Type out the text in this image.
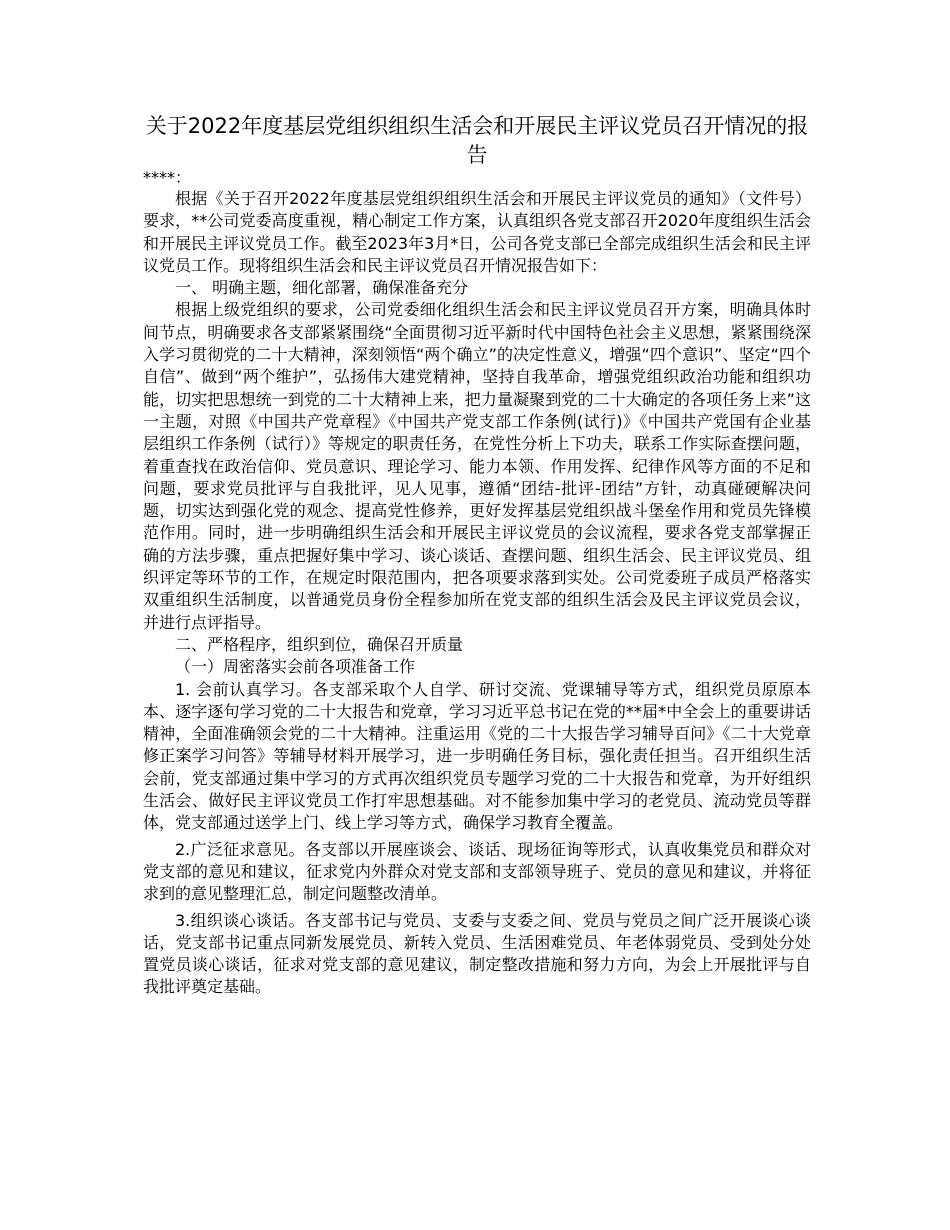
关于2022年度基层党组织组织生活会和开展民主评议党员召开情况的报告

****：

根据《关于召开2022年度基层党组织组织生活会和开展民主评议党员的通知》（文件号）要求，**公司党委高度重视，精心制定工作方案，认真组织各党支部召开2020年度组织生活会和开展民主评议党员工作。截至2023年3月*日，公司各党支部已全部完成组织生活会和民主评议党员工作。现将组织生活会和民主评议党员召开情况报告如下：

一、 明确主题，细化部署，确保准备充分

根据上级党组织的要求，公司党委细化组织生活会和民主评议党员召开方案，明确具体时间节点，明确要求各支部紧紧围绕“全面贯彻习近平新时代中国特色社会主义思想，紧紧围绕深入学习贯彻党的二十大精神，深刻领悟“两个确立”的决定性意义，增强“四个意识”、坚定“四个自信”、做到“两个维护”，弘扬伟大建党精神，坚持自我革命，增强党组织政治功能和组织功能，切实把思想统一到党的二十大精神上来，把力量凝聚到党的二十大确定的各项任务上来”这一主题，对照《中国共产党章程》《中国共产党支部工作条例(试行)》《中国共产党国有企业基层组织工作条例（试行）》等规定的职责任务，在党性分析上下功夫，联系工作实际查摆问题，着重查找在政治信仰、党员意识、理论学习、能力本领、作用发挥、纪律作风等方面的不足和问题，要求党员批评与自我批评，见人见事，遵循“团结-批评-团结”方针，动真碰硬解决问题，切实达到强化党的观念、提高党性修养，更好发挥基层党组织战斗堡垒作用和党员先锋模范作用。同时，进一步明确组织生活会和开展民主评议党员的会议流程，要求各党支部掌握正确的方法步骤，重点把握好集中学习、谈心谈话、查摆问题、组织生活会、民主评议党员、组织评定等环节的工作，在规定时限范围内，把各项要求落到实处。公司党委班子成员严格落实双重组织生活制度，以普通党员身份全程参加所在党支部的组织生活会及民主评议党员会议，并进行点评指导。

二、严格程序，组织到位，确保召开质量

（一）周密落实会前各项准备工作

1. 会前认真学习。各支部采取个人自学、研讨交流、党课辅导等方式，组织党员原原本本、逐字逐句学习党的二十大报告和党章，学习习近平总书记在党的**届*中全会上的重要讲话精神，全面准确领会党的二十大精神。注重运用《党的二十大报告学习辅导百问》《二十大党章修正案学习问答》等辅导材料开展学习，进一步明确任务目标，强化责任担当。召开组织生活会前，党支部通过集中学习的方式再次组织党员专题学习党的二十大报告和党章，为开好组织生活会、做好民主评议党员工作打牢思想基础。对不能参加集中学习的老党员、流动党员等群体，党支部通过送学上门、线上学习等方式，确保学习教育全覆盖。

2.广泛征求意见。各支部以开展座谈会、谈话、现场征询等形式，认真收集党员和群众对党支部的意见和建议，征求党内外群众对党支部和支部领导班子、党员的意见和建议，并将征求到的意见整理汇总，制定问题整改清单。

3.组织谈心谈话。各支部书记与党员、支委与支委之间、党员与党员之间广泛开展谈心谈话，党支部书记重点同新发展党员、新转入党员、生活困难党员、年老体弱党员、受到处分处置党员谈心谈话，征求对党支部的意见建议，制定整改措施和努力方向，为会上开展批评与自我批评奠定基础。
